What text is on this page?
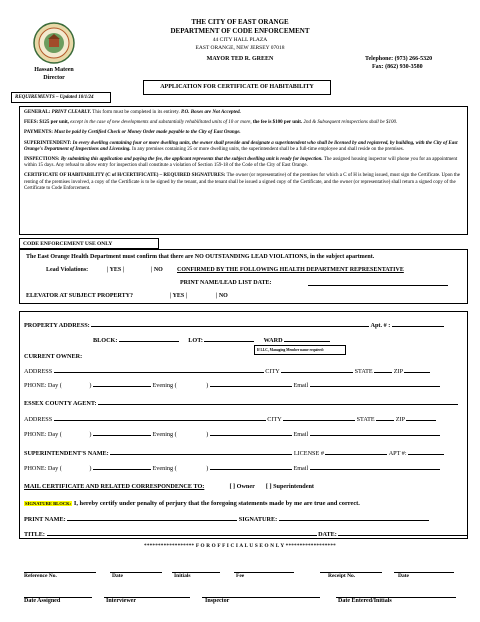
Hassan Mateen
Director
THE CITY OF EAST ORANGE
DEPARTMENT OF CODE ENFORCEMENT
44 CITY HALL PLAZA
EAST ORANGE, NEW JERSEY 07018
MAYOR TED R. GREEN	Telephone: (973) 266-5320
Fax: (862) 930-3580
REQUIREMENTS – Updated 10/1/24
APPLICATION FOR CERTIFICATE OF HABITABILITY
GENERAL: PRINT CLEARLY. This form must be completed in its entirety. P.O. Boxes are Not Accepted.
FEES: $125 per unit, except in the case of new developments and substantially rehabilitated units of 10 or more, the fee is $100 per unit. 2nd & Subsequent reinspections shall be $100.
PAYMENTS: Must be paid by Certified Check or Money Order made payable to the City of East Orange.
SUPERINTENDENT: In every dwelling containing four or more dwelling units, the owner shall provide and designate a superintendent who shall be licensed by and registered, by building, with the City of East Orange's Department of Inspections and Licensing. In any premises containing 25 or more dwelling units, the superintendent shall be a full-time employee and shall reside on the premises.
INSPECTIONS: By submitting this application and paying the fee, the applicant represents that the subject dwelling unit is ready for inspection. The assigned housing inspector will phone you for an appointment within 15 days. Any refusal to allow entry for inspection shall constitute a violation of Section 159-18 of the Code of the City of East Orange.
CERTIFICATE OF HABITABILITY (C of H/CERTIFICATE) – REQUIRED SIGNATURES: The owner (or representative) of the premises for which a C of H is being issued, must sign the Certificate. Upon the renting of the premises involved, a copy of the Certificate is to be signed by the tenant, and the tenant shall be issued a signed copy of the Certificate, and the owner (or representative) shall return a signed copy of the Certificate to Code Enforcement.
CODE ENFORCEMENT USE ONLY
The East Orange Health Department must confirm that there are NO OUTSTANDING LEAD VIOLATIONS, in the subject apartment.
Lead Violations:	| YES |	| NO CONFIRMED BY THE FOLLOWING HEALTH DEPARTMENT REPRESENTATIVE
PRINT NAME/LEAD LIST DATE:
ELEVATOR AT SUBJECT PROPERTY?	| YES |	| NO
PROPERTY ADDRESS:	Apt. # :
BLOCK:	LOT:	WARD
If LLC, Managing Member name required:
CURRENT OWNER:
ADDRESS	CITY	STATE	ZIP
PHONE: Day (	)	Evening (	)	Email
ESSEX COUNTY AGENT:
ADDRESS	CITY	STATE	ZIP
PHONE: Day (	)	Evening (	)	Email
SUPERINTENDENT'S NAME:	LICENSE #	APT #:
PHONE: Day (	)	Evening (	)	Email
MAIL CERTIFICATE AND RELATED CORRESPONDENCE TO:	[ ] Owner [ ] Superintendent
SIGNATURE BLOCK: I, hereby certify under penalty of perjury that the foregoing statements made by me are true and correct.
PRINT NAME:	SIGNATURE:
TITLE:	DATE:
****************** F O R O F F I C I A L U S E O N L Y ******************
Reference No.	Date	Initials	Fee	Receipt No.	Date
Date Assigned	Interviewer	Inspector	Date Entered/Initials
